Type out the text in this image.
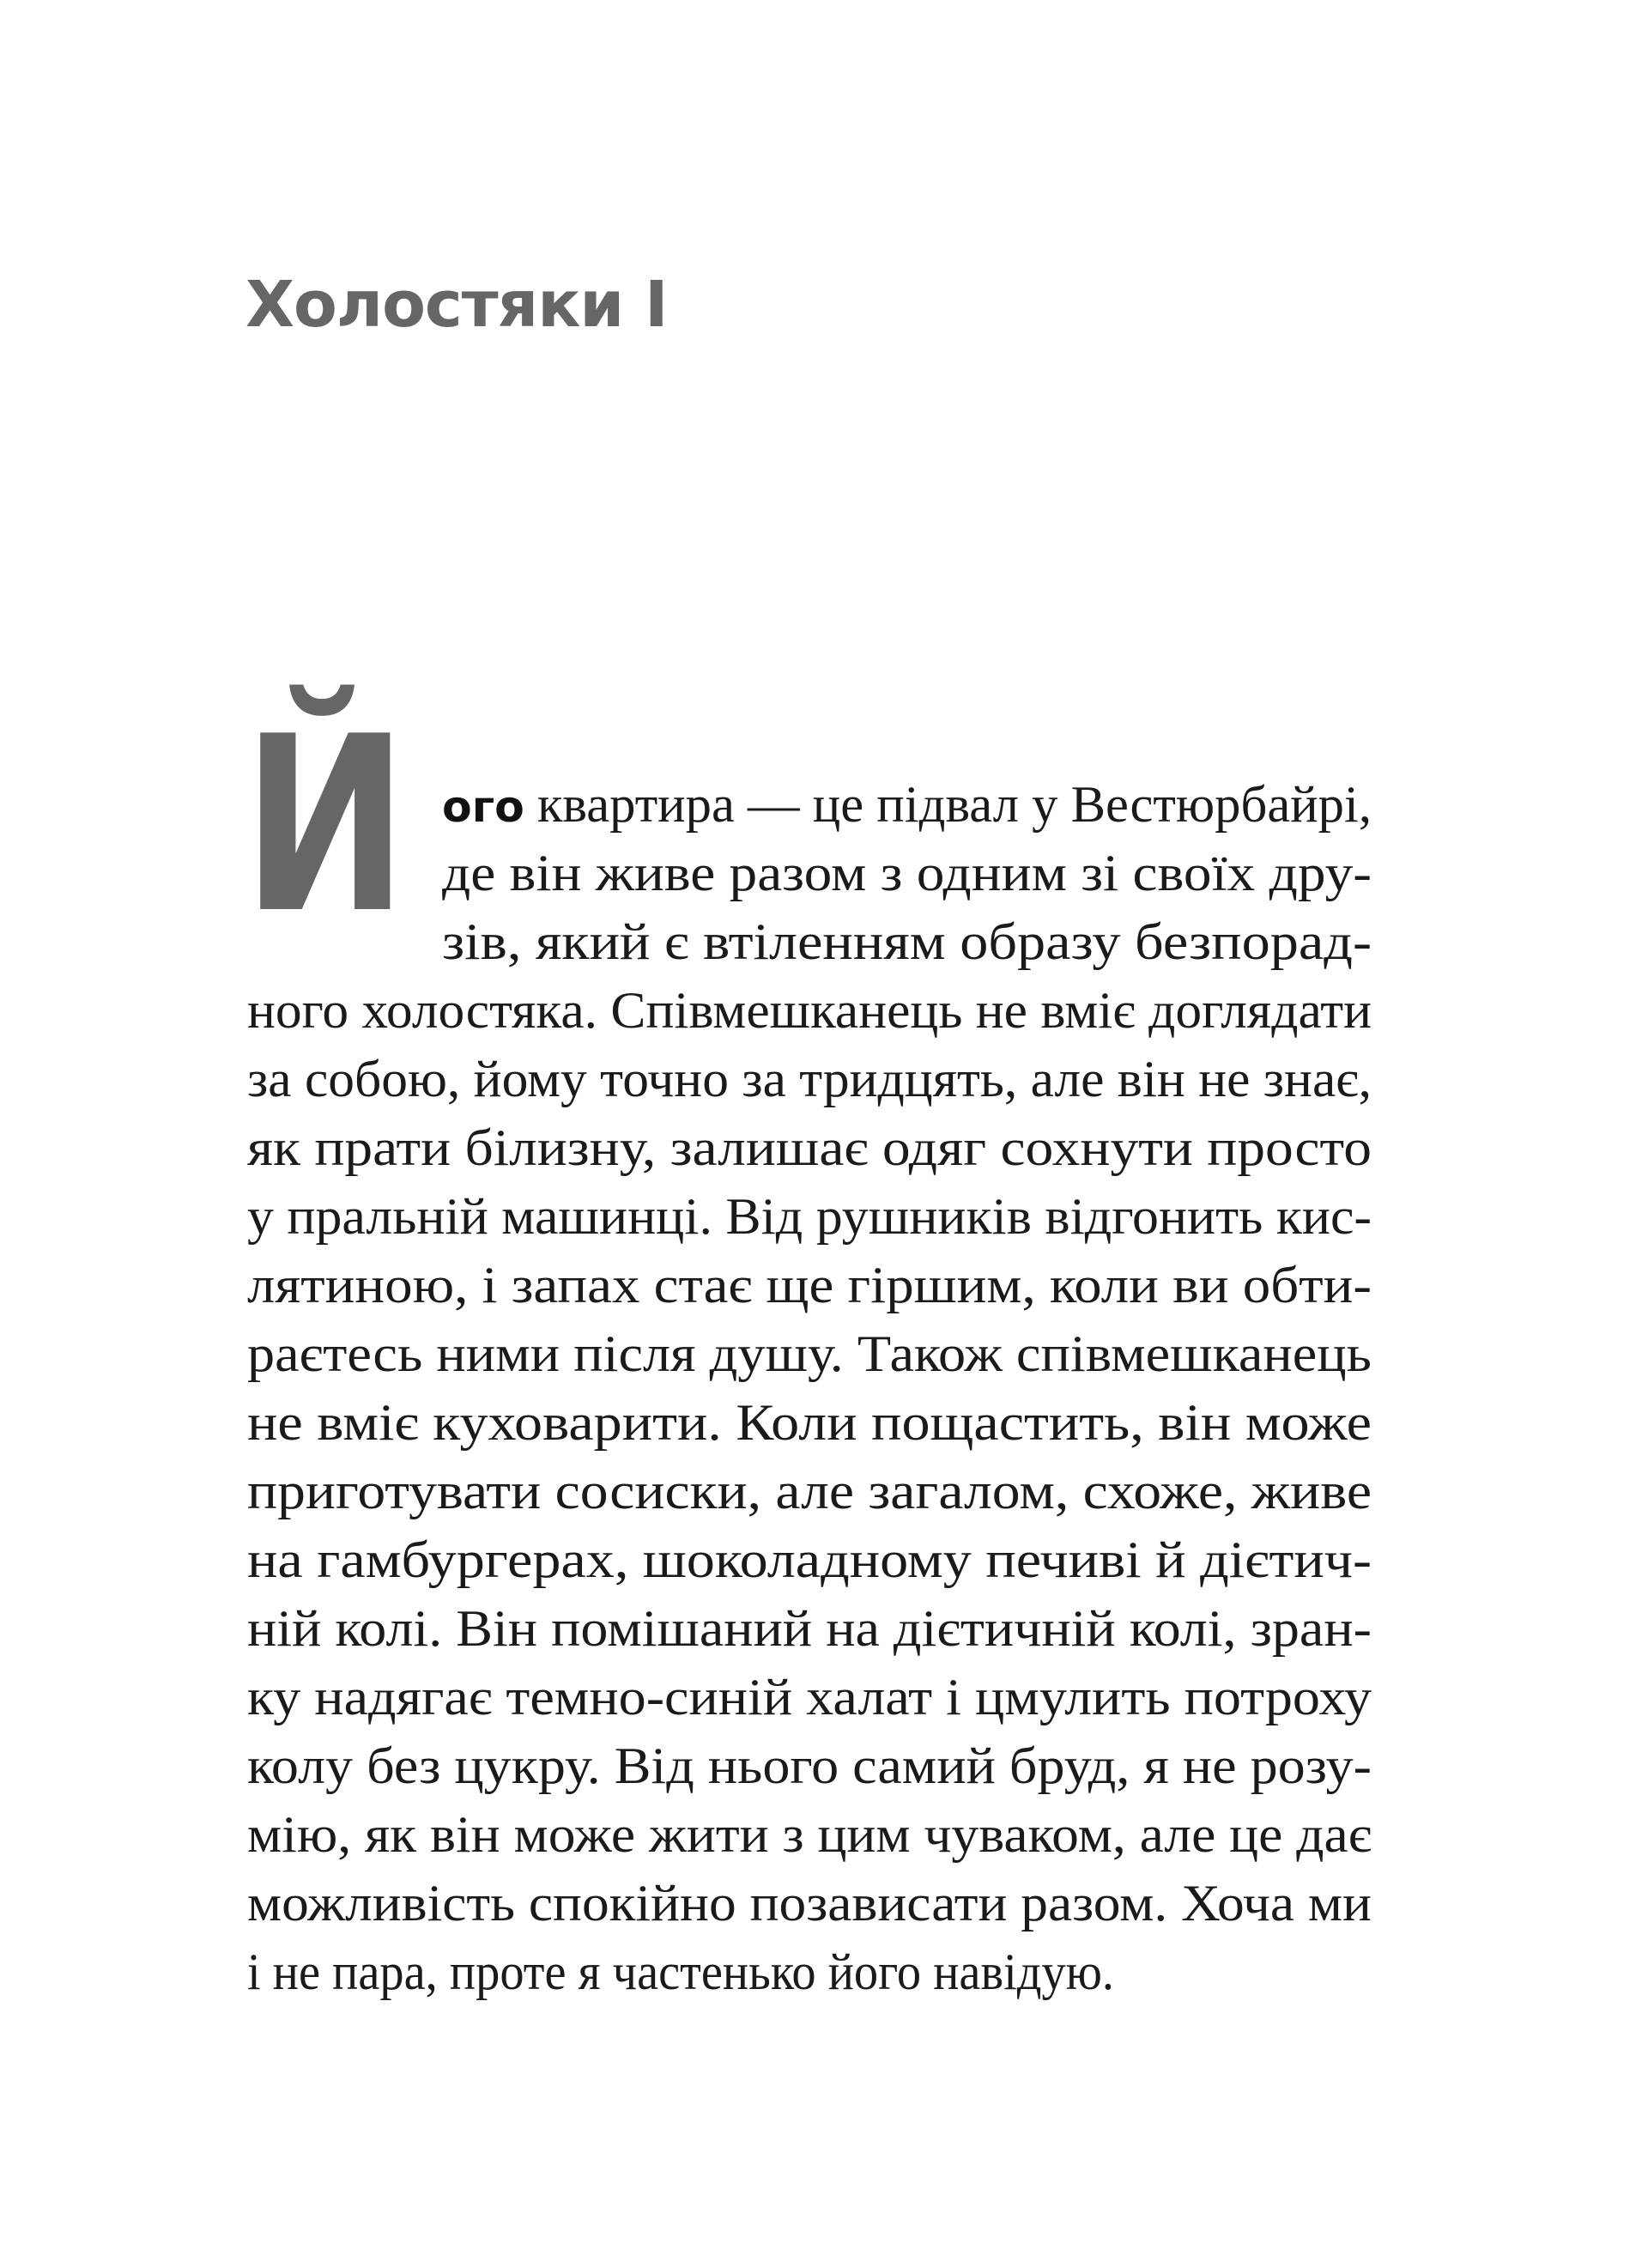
Холостяки I
Й ого квартира — це підвал у Вестюрбайрі,
де він живе разом з одним зі своїх дру-
зів, який є втіленням образу безпорад-
ного холостяка. Співмешканець не вміє доглядати
за собою, йому точно за тридцять, але він не знає,
як прати білизну, залишає одяг сохнути просто
у пральній машинці. Від рушників відгонить кис-
лятиною, і запах стає ще гіршим, коли ви обти-
раєтесь ними після душу. Також співмешканець
не вміє куховарити. Коли пощастить, він може
приготувати сосиски, але загалом, схоже, живе
на гамбургерах, шоколадному печиві й дієтич-
ній колі. Він помішаний на дієтичній колі, зран-
ку надягає темно-синій халат і цмулить потроху
колу без цукру. Від нього самий бруд, я не розу-
мію, як він може жити з цим чуваком, але це дає
можливість спокійно позависати разом. Хоча ми
і не пара, проте я частенько його навідую.
